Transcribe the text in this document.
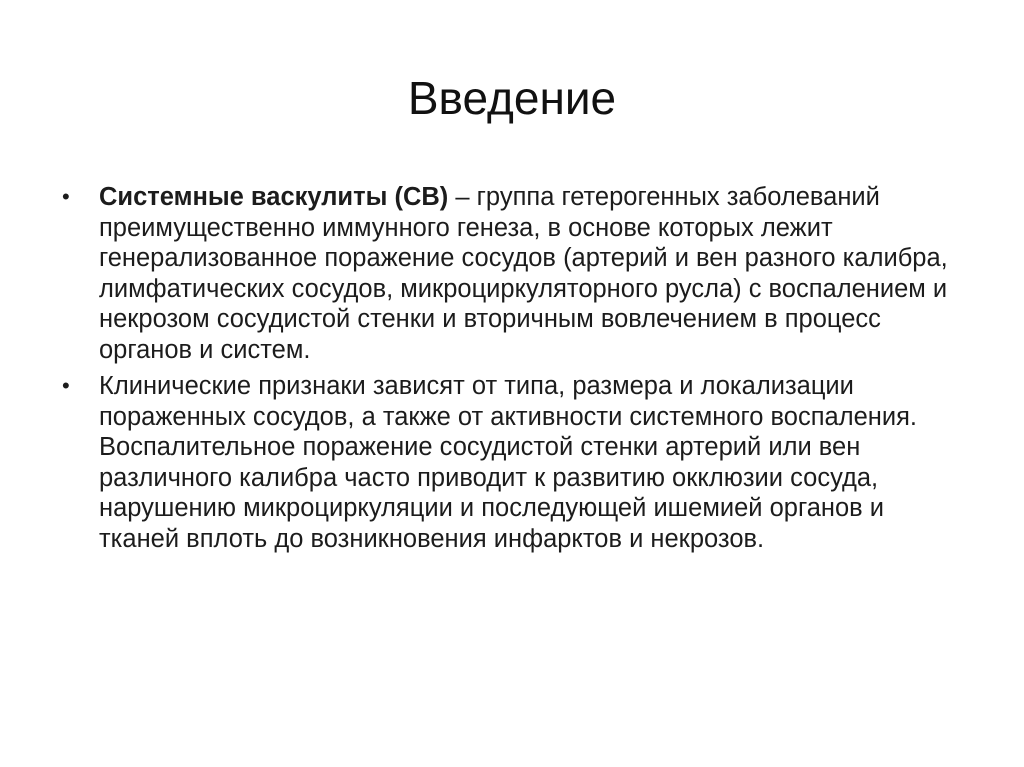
Введение
•	Системные васкулиты (СВ) – группа гетерогенных заболеваний преимущественно иммунного генеза, в основе которых лежит генерализованное поражение сосудов (артерий и вен разного калибра, лимфатических сосудов, микроциркуляторного русла) с воспалением и некрозом сосудистой стенки и вторичным вовлечением в процесс органов и систем.
•	Клинические признаки зависят от типа, размера и локализации пораженных сосудов, а также от активности системного воспаления. Воспалительное поражение сосудистой стенки артерий или вен различного калибра часто приводит к развитию окклюзии сосуда, нарушению микроциркуляции и последующей ишемией органов и тканей вплоть до возникновения инфарктов и некрозов.
